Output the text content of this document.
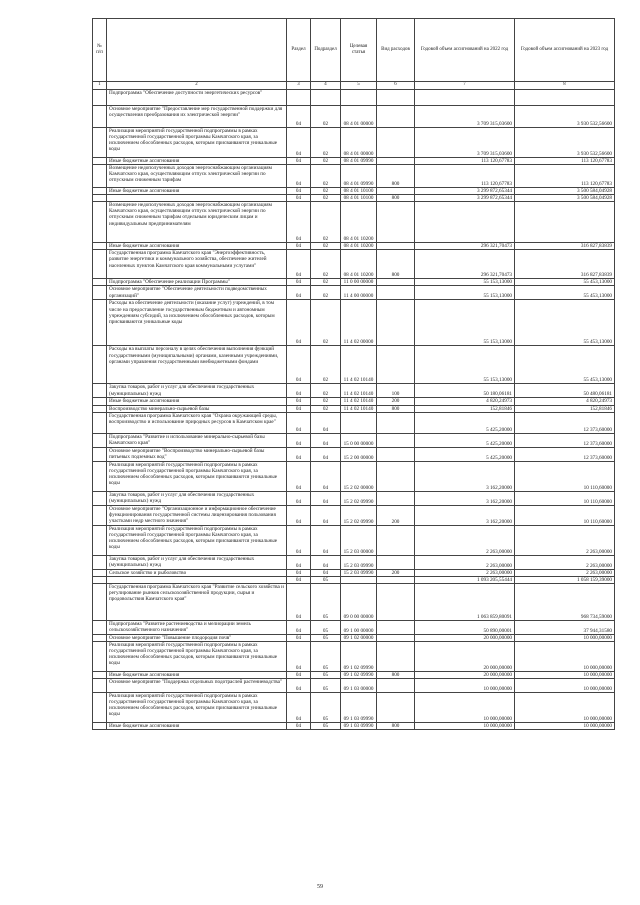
№ п/п		Раздел	Подраздел	Целевая статья	Вид расходов	Годовой объем ассигнований на 2022 год	Годовой объем ассигнований на 2023 год
1	2	3	4	5	6	7	8
	Подпрограмма "Обеспечение доступности энергетических ресурсов"						
	Основное мероприятие "Предоставление мер государственной поддержки для осуществления преобразования их электрической энергии"	04	02	08 4 01 00000		3 709 315,03600	3 930 532,56600
	Реализация мероприятий государственной подпрограммы в рамках государственной государственной программы Камчатского края, за исключением обособленных расходов, которым присваиваются уникальные коды	04	02	08 4 01 00000		3 709 315,03600	3 930 532,56600
	Иные бюджетные ассигнования	04	02	08 4 01 09990		113 120,67783	113 120,67783
	Возмещение недополученных доходов энергоснабжающим организациям Камчатского края, осуществляющим отпуск электрической энергии по отпускным сниженным тарифам	04	02	08 4 01 09990	800	113 120,67783	113 120,67783
	Иные бюджетные ассигнования	04	02	08 4 01 10100		3 299 872,65344	3 500 584,04928
		04	02	08 4 01 10100	800	3 299 872,65344	3 500 584,04928
	Возмещение недополученных доходов энергоснабжающим организациям Камчатского края, осуществляющим отпуск электрической энергии по отпускным сниженным тарифам отдельным юридическим лицам и индивидуальным предпринимателям	04	02	08 4 01 10200			
	Иные бюджетные ассигнования	04	02	08 4 01 10200		296 321,70473	316 827,83839
	Государственная программа Камчатского края "Энергоэффективность, развитие энергетики и коммунального хозяйства, обеспечение жителей населенных пунктов Камчатского края коммунальными услугами"	04	02	08 4 01 10200	800	296 321,70473	316 827,83839
	Подпрограмма "Обеспечение реализации Программы"	04	02	11 0 00 00000		55 153,13000	55 453,13000
	Основное мероприятие "Обеспечение деятельности подведомственных организаций"	04	02	11 4 00 00000		55 153,13000	55 453,13000
	Расходы на обеспечение деятельности (оказание услуг) учреждений, в том числе на предоставление государственным бюджетным и автономным учреждениям субсидий, за исключением обособленных расходов, которым присваиваются уникальные коды	04	02	11 4 02 00000		55 153,13000	55 453,13000
	Расходы на выплаты персоналу в целях обеспечения выполнения функций государственными (муниципальными) органами, казенными учреждениями, органами управления государственными внебюджетными фондами	04	02	11 4 02 10140		55 153,13000	55 453,13000
	Закупка товаров, работ и услуг для обеспечения государственных (муниципальных) нужд	04	02	11 4 02 10140	100	50 180,06181	50 480,06181
	Иные бюджетные ассигнования	04	02	11 4 02 10140	200	4 820,24973	4 820,24973
	Воспроизводство минерально-сырьевой базы	04	02	11 4 02 10140	800	152,81846	152,81846
	Государственная программа Камчатского края "Охрана окружающей среды, воспроизводство и использование природных ресурсов в Камчатском крае"	04	04			5 425,20000	12 373,60000
	Подпрограмма "Развитие и использование минерально-сырьевой базы Камчатского края"	04	04	15 0 00 00000		5 425,20000	12 373,60000
	Основное мероприятие "Воспроизводство минерально-сырьевой базы питьевых подземных вод"	04	04	15 2 00 00000		5 425,20000	12 373,60000
	Реализация мероприятий государственной подпрограммы в рамках государственной государственной программы Камчатского края, за исключением обособленных расходов, которым присваиваются уникальные коды	04	04	15 2 02 00000		3 162,20000	10 110,60000
	Закупка товаров, работ и услуг для обеспечения государственных (муниципальных) нужд	04	04	15 2 02 09990		3 162,20000	10 110,60000
	Основное мероприятие "Организационное и информационное обеспечение функционирования государственной системы лицензирования пользования участками недр местного значения"	04	04	15 2 02 09990	200	3 162,20000	10 110,60000
	Реализация мероприятий государственной подпрограммы в рамках государственной государственной программы Камчатского края, за исключением обособленных расходов, которым присваиваются уникальные коды	04	04	15 2 03 00000		2 263,00000	2 263,00000
	Закупка товаров, работ и услуг для обеспечения государственных (муниципальных) нужд	04	04	15 2 03 09990		2 263,00000	2 263,00000
	Сельское хозяйство и рыболовство	04	04	15 2 03 09990	200	2 263,00000	2 263,00000
		04	05			1 093 205,55444	1 058 159,39000
	Государственная программа Камчатского края "Развитие сельского хозяйства и регулирование рынков сельскохозяйственной продукции, сырья и продовольствия Камчатского края"	04	05	09 0 00 00000		1 063 859,80091	968 734,59000
	Подпрограмма "Развитие растениеводства и мелиорации земель сельскохозяйственного назначения"	04	05	09 1 00 00000		50 890,00001	37 944,31580
	Основное мероприятие "Повышение плодородия почв"	04	05	09 1 02 00000		20 000,00000	10 000,00000
	Реализация мероприятий государственной подпрограммы в рамках государственной государственной программы Камчатского края, за исключением обособленных расходов, которым присваиваются уникальные коды	04	05	09 1 02 09990		20 000,00000	10 000,00000
	Иные бюджетные ассигнования	04	05	09 1 02 09990	800	20 000,00000	10 000,00000
	Основное мероприятие "Поддержка отдельных подотраслей растениеводства"	04	05	09 1 03 00000		10 000,00000	10 000,00000
	Реализация мероприятий государственной подпрограммы в рамках государственной государственной программы Камчатского края, за исключением обособленных расходов, которым присваиваются уникальные коды	04	05	09 1 03 09990		10 000,00000	10 000,00000
	Иные бюджетные ассигнования	04	05	09 1 03 09990	800	10 000,00000	10 000,00000
59
